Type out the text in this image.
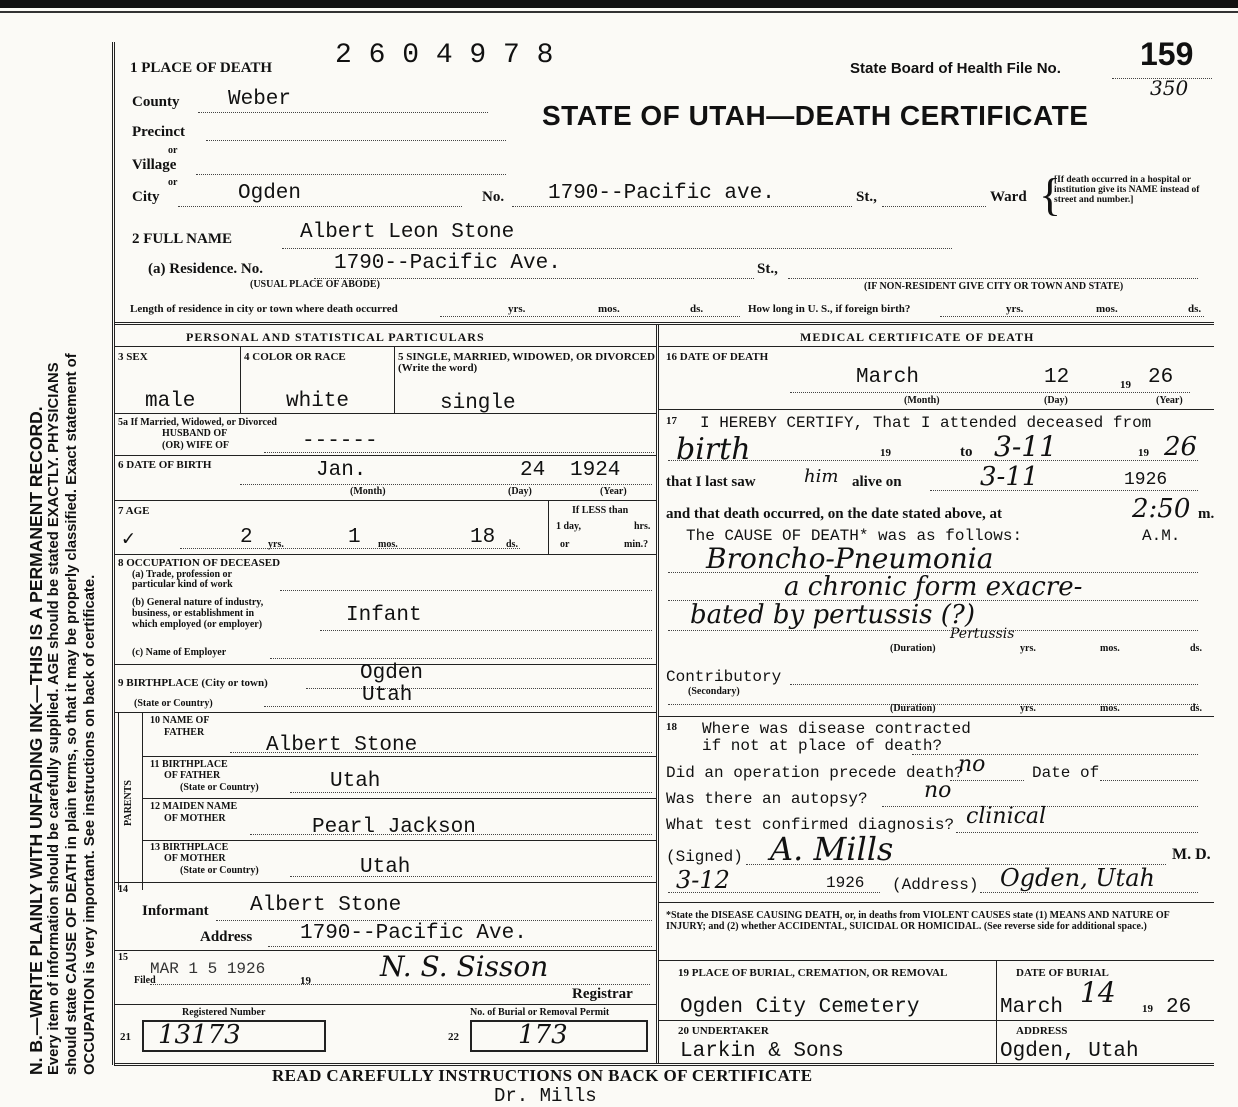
N. B.—WRITE PLAINLY WITH UNFADING INK—THIS IS A PERMANENT RECORD. Every item of information should be carefully supplied. AGE should be stated EXACTLY. PHYSICIANS should state CAUSE OF DEATH in plain terms, so that it may be properly classified. Exact statement of OCCUPATION is very important. See instructions on back of certificate.
1 PLACE OF DEATH 2 6 0 4 9 7 8	State Board of Health File No. 159
350
STATE OF UTAH—DEATH CERTIFICATE
County Weber
Precinct
or
Village
or
City	Ogden	No. 1790--Pacific ave.	St.,	Ward {
[If death occurred in a hospital or institution give its NAME instead of street and number.]
2 FULL NAME	Albert Leon Stone
(a) Residence. No.	1790--Pacific Ave.	St.,
(USUAL PLACE OF ABODE)	(IF NON-RESIDENT GIVE CITY OR TOWN AND STATE)
Length of residence in city or town where death occurred	yrs.	mos.	ds.	How long in U. S., if foreign birth?	yrs.	mos.	ds.
PERSONAL AND STATISTICAL PARTICULARS
3 SEX	4 COLOR OR RACE	5 SINGLE, MARRIED, WIDOWED, OR DIVORCED (Write the word)
male	white	single
5a If Married, Widowed, or Divorced
HUSBAND OF
(OR) WIFE OF	------
6 DATE OF BIRTH	Jan.	24 1924
(Month)	(Day)	(Year)
7 AGE
✓	2 yrs.	1 mos.	18 ds.
If LESS than
1 day,	hrs.
or	min.?
8 OCCUPATION OF DECEASED
(a) Trade, profession or
particular kind of work
(b) General nature of industry,
business, or establishment in
which employed (or employer)	Infant
(c) Name of Employer
9 BIRTHPLACE (City or town)	Ogden
(State or Country)	Utah
PARENTS
10 NAME OF
FATHER
Albert Stone
11 BIRTHPLACE
OF FATHER
(State or Country)	Utah
12 MAIDEN NAME
OF MOTHER	Pearl Jackson
13 BIRTHPLACE
OF MOTHER
(State or Country)	Utah
14
Informant Albert Stone
Address 1790--Pacific Ave.
15
MAR 1 5 1926
Filed	19 N. S. Sisson
Registrar
Registered Number	No. of Burial or Removal Permit
21 13173	22 173
MEDICAL CERTIFICATE OF DEATH
16 DATE OF DEATH
March	12	19 26
(Month)	(Day)	(Year)
17 I HEREBY CERTIFY, That I attended deceased from
birth	19	to 3-11	19 26
that I last saw	him alive on	3-11	1926
and that death occurred, on the date stated above, at	2:50 m.
The CAUSE OF DEATH* was as follows:	A.M.
Broncho-Pneumonia
a chronic form exacre-
bated by pertussis (?)
Pertussis
(Duration)	yrs.	mos.	ds.
Contributory
(Secondary)
(Duration)	yrs.	mos.	ds.
18 Where was disease contracted
if not at place of death?
Did an operation precede death?
no	Date of
Was there an autopsy?	no
What test confirmed diagnosis? clinical
(Signed) A. Mills	M. D.
3-12	1926 (Address) Ogden, Utah
*State the DISEASE CAUSING DEATH, or, in deaths from VIOLENT CAUSES state (1) MEANS AND NATURE OF INJURY; and (2) whether ACCIDENTAL, SUICIDAL OR HOMICIDAL. (See reverse side for additional space.)
19 PLACE OF BURIAL, CREMATION, OR REMOVAL	DATE OF BURIAL
Ogden City Cemetery	March 14 19 26
20 UNDERTAKER
Larkin & Sons
ADDRESS
Ogden, Utah
READ CAREFULLY INSTRUCTIONS ON BACK OF CERTIFICATE
Dr. Mills
